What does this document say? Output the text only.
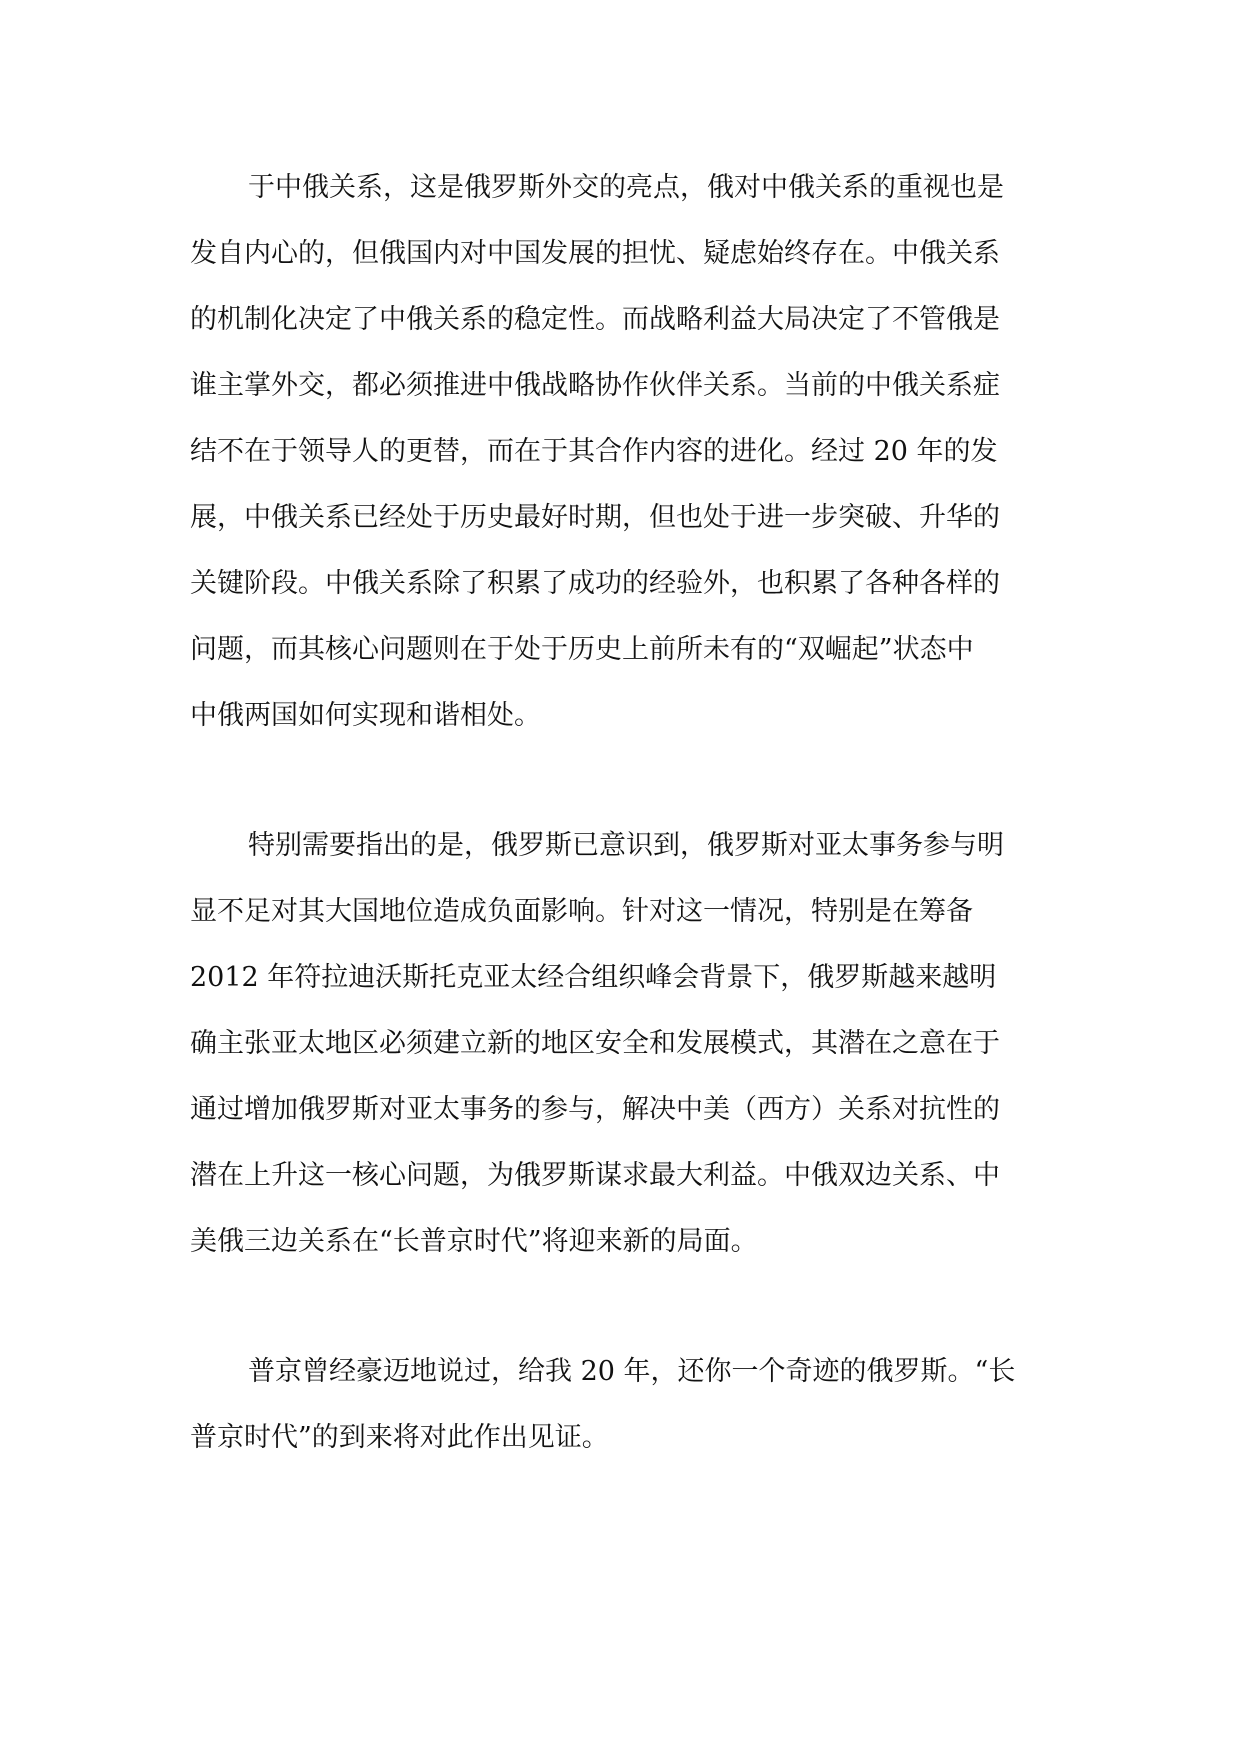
于中俄关系，这是俄罗斯外交的亮点，俄对中俄关系的重视也是
发自内心的，但俄国内对中国发展的担忧、疑虑始终存在。中俄关系
的机制化决定了中俄关系的稳定性。而战略利益大局决定了不管俄是
谁主掌外交，都必须推进中俄战略协作伙伴关系。当前的中俄关系症
结不在于领导人的更替，而在于其合作内容的进化。经过 20 年的发
展，中俄关系已经处于历史最好时期，但也处于进一步突破、升华的
关键阶段。中俄关系除了积累了成功的经验外，也积累了各种各样的
问题，而其核心问题则在于处于历史上前所未有的“双崛起”状态中
中俄两国如何实现和谐相处。
特别需要指出的是，俄罗斯已意识到，俄罗斯对亚太事务参与明
显不足对其大国地位造成负面影响。针对这一情况，特别是在筹备
2012 年符拉迪沃斯托克亚太经合组织峰会背景下，俄罗斯越来越明
确主张亚太地区必须建立新的地区安全和发展模式，其潜在之意在于
通过增加俄罗斯对亚太事务的参与，解决中美（西方）关系对抗性的
潜在上升这一核心问题，为俄罗斯谋求最大利益。中俄双边关系、中
美俄三边关系在“长普京时代”将迎来新的局面。
普京曾经豪迈地说过，给我 20 年，还你一个奇迹的俄罗斯。“长
普京时代”的到来将对此作出见证。
